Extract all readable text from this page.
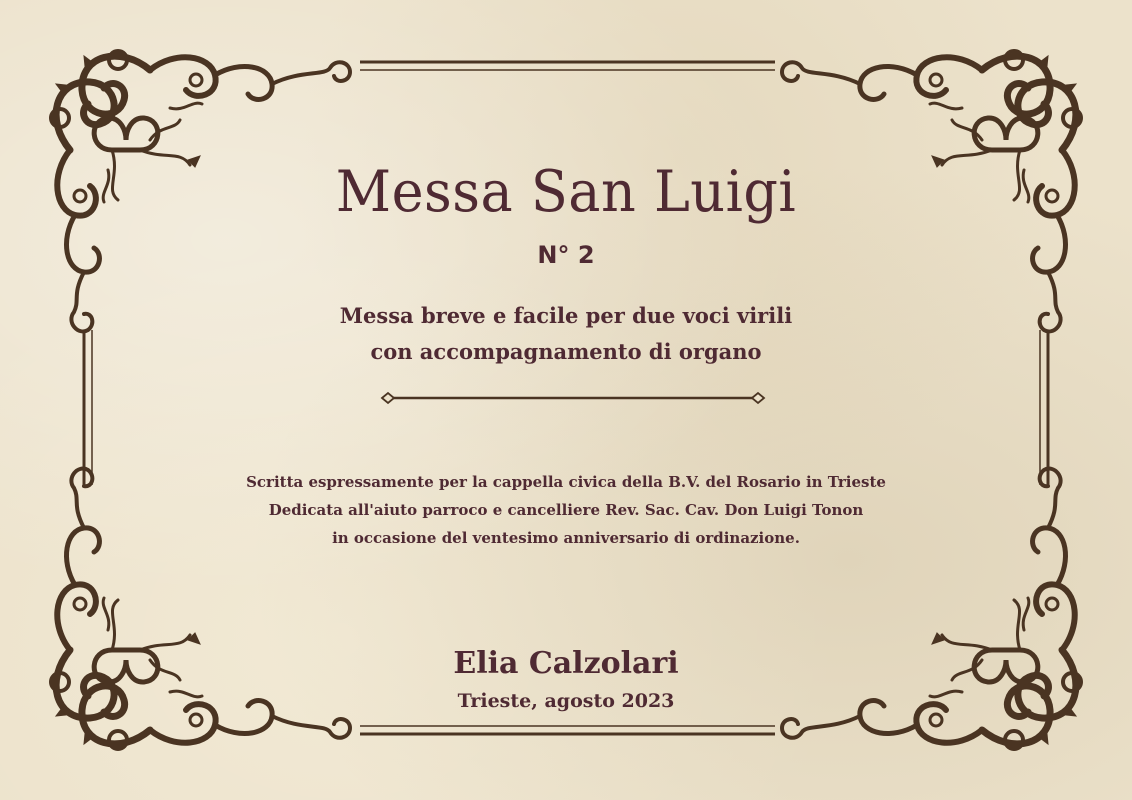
Messa San Luigi
N° 2
Messa breve e facile per due voci virili
con accompagnamento di organo
Scritta espressamente per la cappella civica della B.V. del Rosario in Trieste
Dedicata all'aiuto parroco e cancelliere Rev. Sac. Cav. Don Luigi Tonon
in occasione del ventesimo anniversario di ordinazione.
Elia Calzolari
Trieste, agosto 2023
